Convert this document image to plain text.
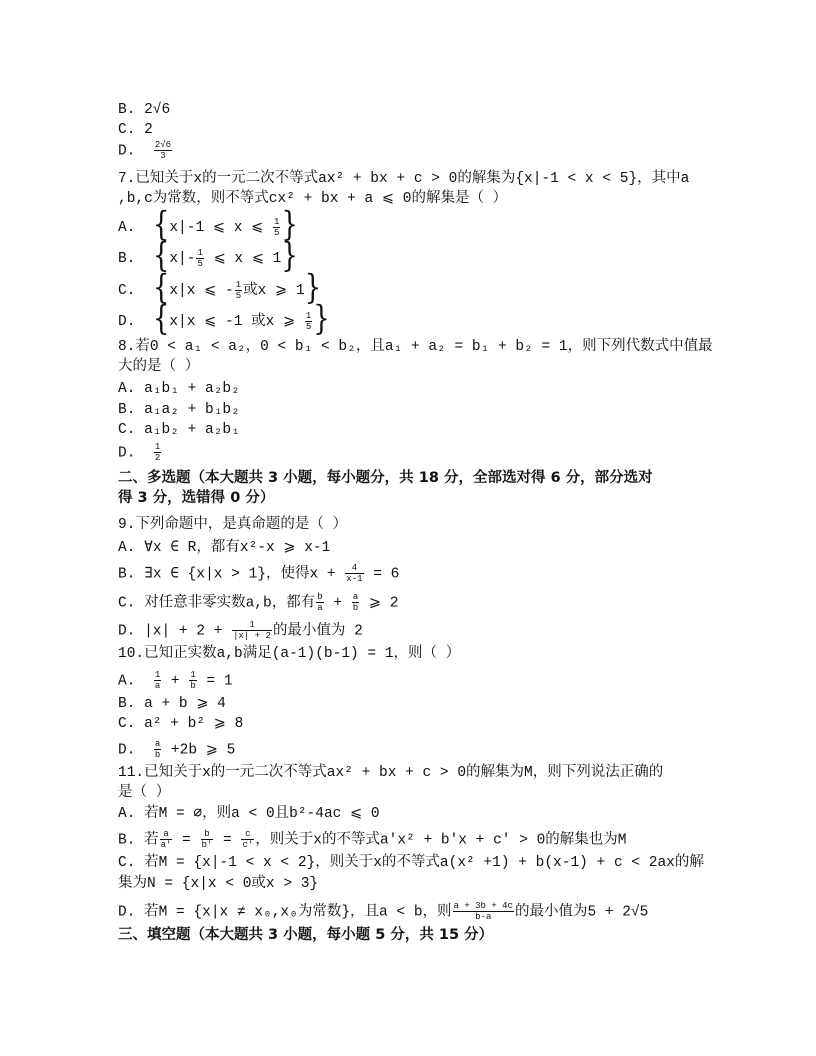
B. 2√6
C. 2
D. $\frac{2√6}{3}$
7.已知关于x的一元二次不等式ax² + bx + c > 0的解集为{x|-1 < x < 5}，其中a
,b,c为常数，则不等式cx² + bx + a ⩽ 0的解集是（ ）
A. {x|-1 ⩽ x ⩽ $\frac{1}{5}$ }
B. {$x|- \frac{1}{5}$ ⩽ x ⩽ 1}
C. {x|x ⩽ - $\frac{1}{5}$ 或x ⩾ 1}
D. {x|x ⩽ -1 或x ⩾ $\frac{1}{5}$ }
8.若0 < a₁ < a₂，0 < b₁ < b₂，且a₁ + a₂ = b₁ + b₂ = 1，则下列代数式中值最
大的是（ ）
A. a₁b₁ + a₂b₂
B. a₁a₂ + b₁b₂
C. a₁b₂ + a₂b₁
D. $\frac{1}{2}$
二、多选题（本大题共 3 小题，每小题分，共 18 分，全部选对得 6 分，部分选对
得 3 分，选错得 0 分）
9.下列命题中，是真命题的是（ ）
A. ∀x ∈ R，都有x²-x ⩾ x-1
B. ∃x ∈ {x|x > 1}，使得$x + \frac{4}{x-1} = 6$
C. 对任意非零实数a,b，都有 $\frac{b}{a} + \frac{a}{b}$ ⩾ 2
D. $|x| + 2 + \frac{1}{|x| + 2}$ 的最小值为 2
10.已知正实数a,b满足(a-1)(b-1) = 1，则（ ）
A. $\frac{1}{a} + \frac{1}{b} = 1$
B. a + b ⩾ 4
C. a² + b² ⩾ 8
D. $\frac{a}{b} +2b$ ⩾ 5
11.已知关于x的一元二次不等式ax² + bx + c > 0的解集为M，则下列说法正确的
是（ ）
A. 若M = ∅，则a < 0且b²-4ac ⩽ 0
B. 若 $\frac{a}{a'} = \frac{b}{b'} = \frac{c}{c'}$ ，则关于x的不等式a′x² + b′x + c′ > 0的解集也为M
C. 若M = {x|-1 < x < 2}，则关于x的不等式a(x² +1) + b(x-1) + c < 2ax的解
集为N = {x|x < 0或x > 3}
D. 若M = {x|x ≠ x₀,x₀为常数}，且a < b，则 $\frac{a + 3b + 4c}{b-a}$ 的最小值为5 + 2√5
三、填空题（本大题共 3 小题，每小题 5 分，共 15 分）
